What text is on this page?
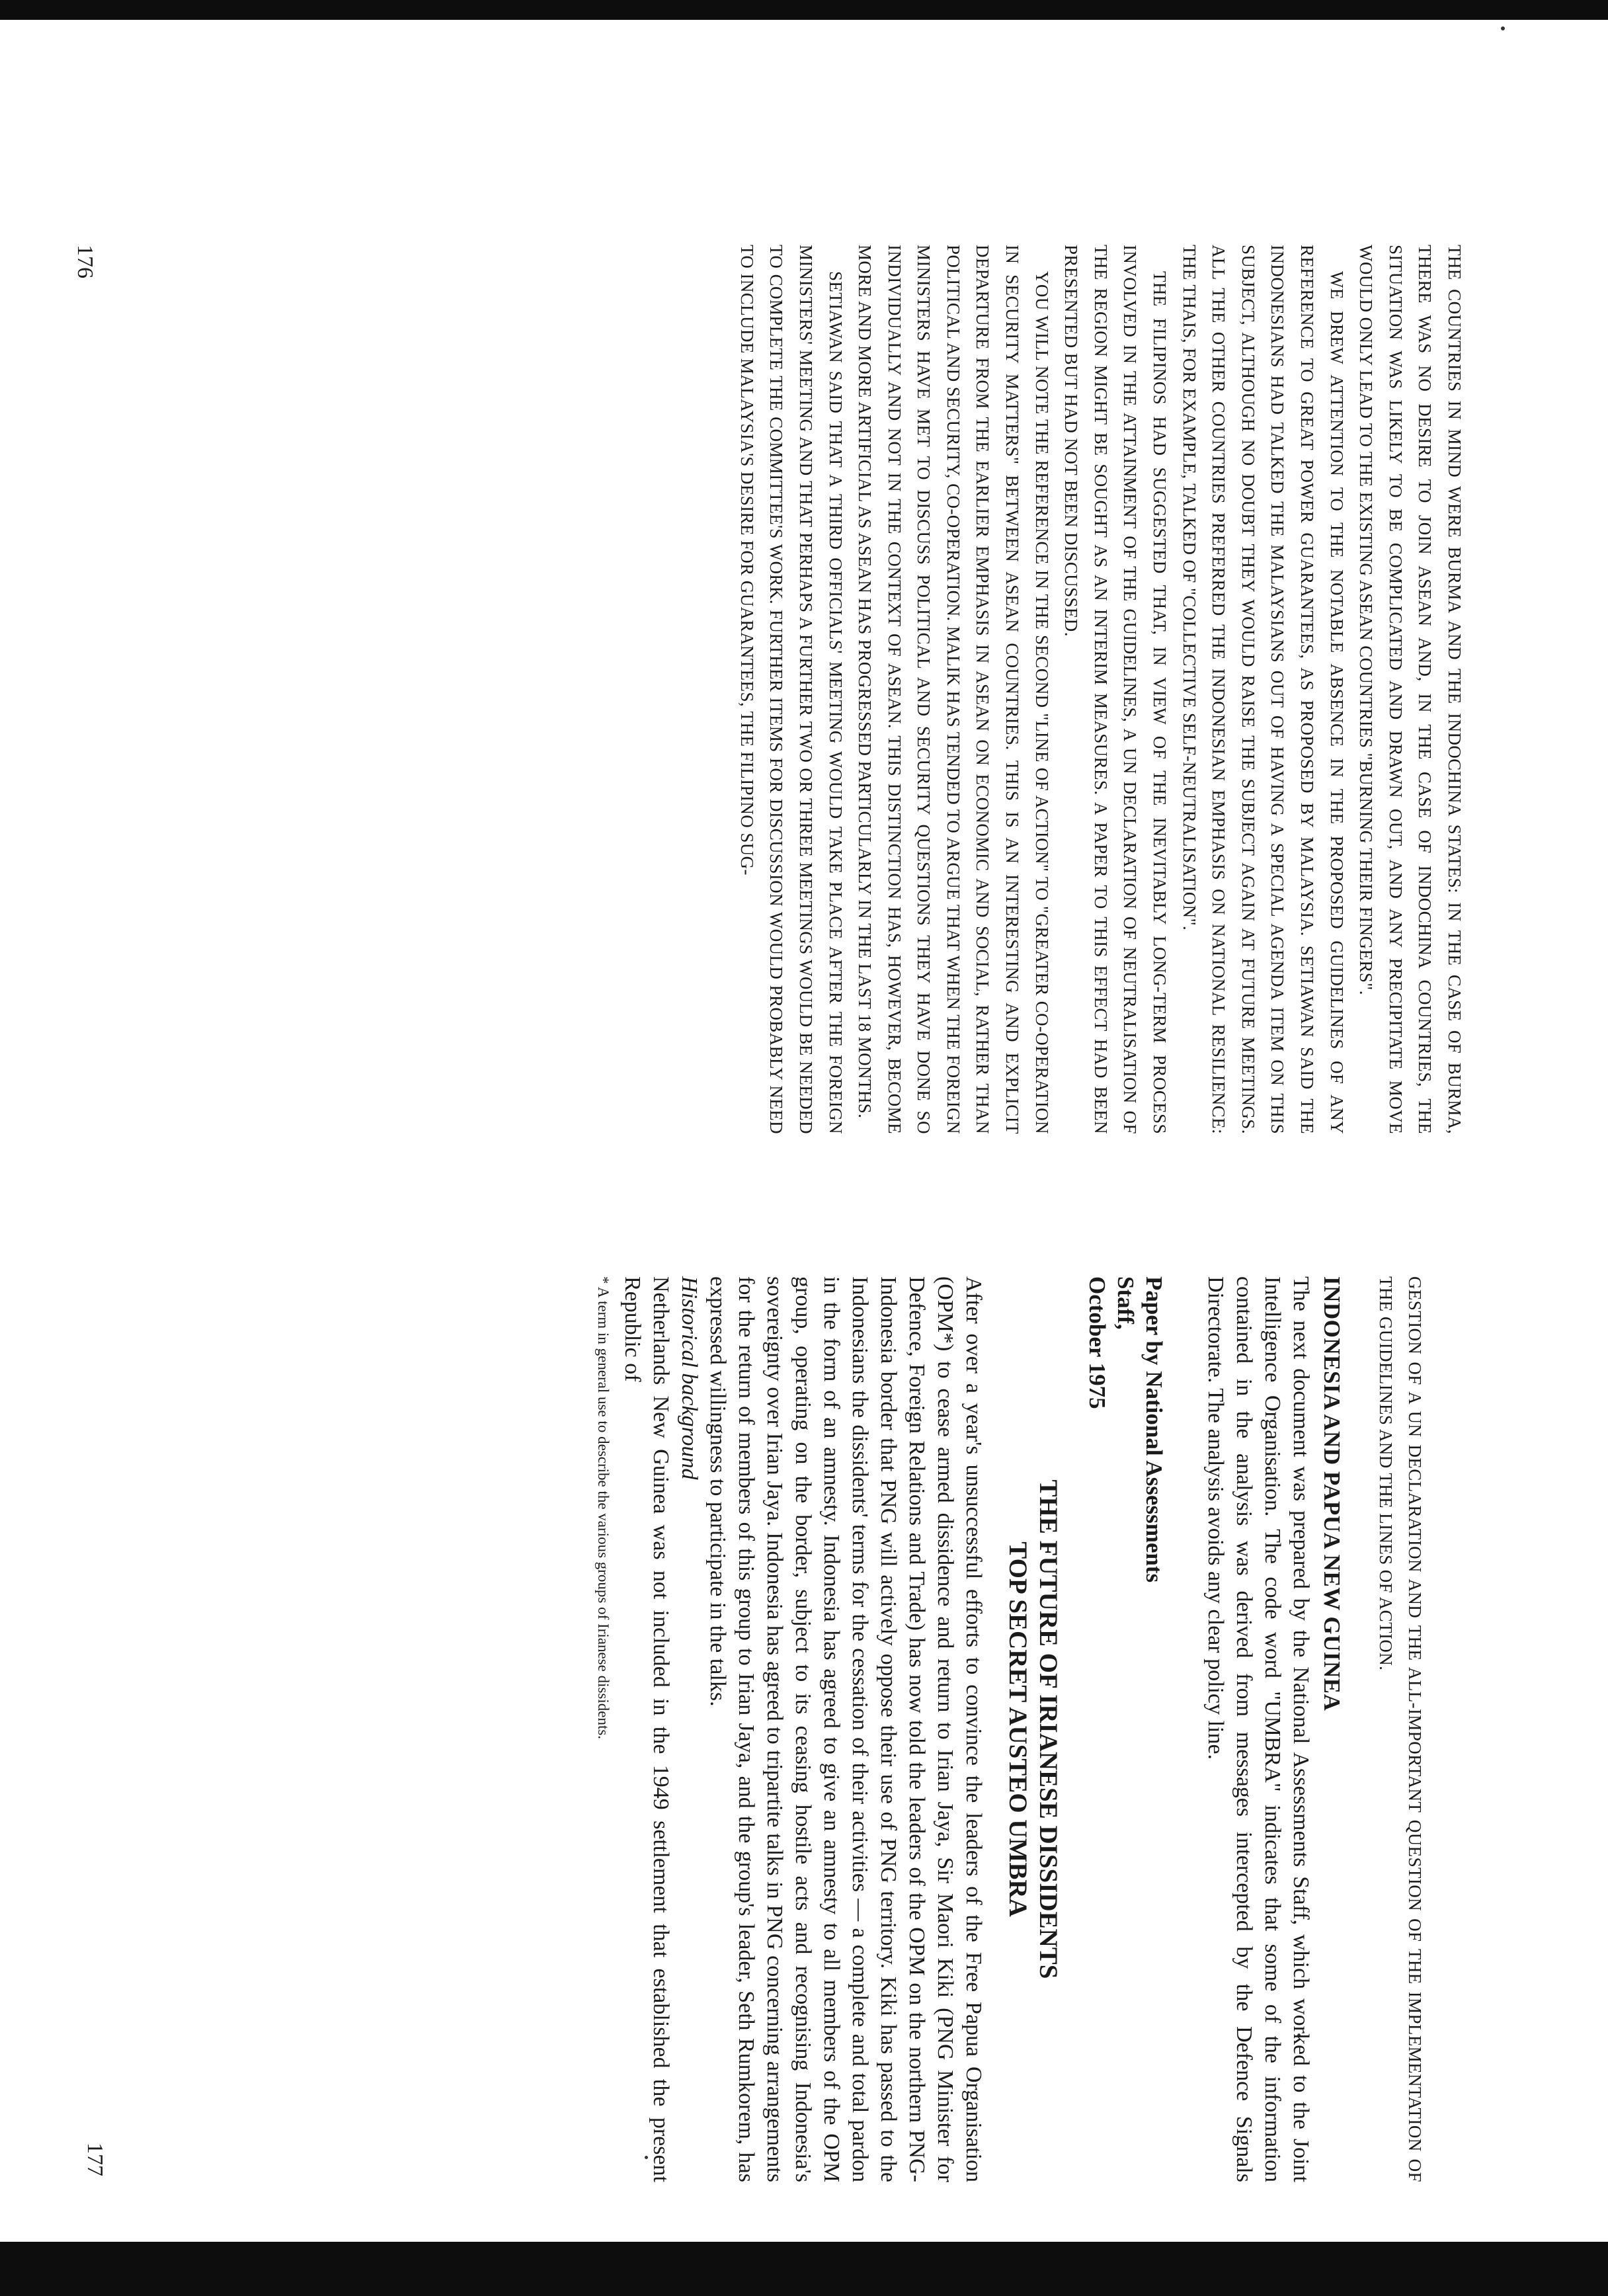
THE COUNTRIES IN MIND WERE BURMA AND THE INDOCHINA STATES: IN THE CASE OF BURMA, THERE WAS NO DESIRE TO JOIN ASEAN AND, IN THE CASE OF INDOCHINA COUNTRIES, THE SITUATION WAS LIKELY TO BE COMPLICATED AND DRAWN OUT, AND ANY PRECIPITATE MOVE WOULD ONLY LEAD TO THE EXISTING ASEAN COUNTRIES "BURNING THEIR FINGERS".

WE DREW ATTENTION TO THE NOTABLE ABSENCE IN THE PROPOSED GUIDELINES OF ANY REFERENCE TO GREAT POWER GUARANTEES, AS PROPOSED BY MALAYSIA. SETIAWAN SAID THE INDONESIANS HAD TALKED THE MALAYSIANS OUT OF HAVING A SPECIAL AGENDA ITEM ON THIS SUBJECT, ALTHOUGH NO DOUBT THEY WOULD RAISE THE SUBJECT AGAIN AT FUTURE MEETINGS. ALL THE OTHER COUNTRIES PREFERRED THE INDONESIAN EMPHASIS ON NATIONAL RESILIENCE: THE THAIS, FOR EXAMPLE, TALKED OF "COLLECTIVE SELF-NEUTRALISATION".

THE FILIPINOS HAD SUGGESTED THAT, IN VIEW OF THE INEVITABLY LONG-TERM PROCESS INVOLVED IN THE ATTAINMENT OF THE GUIDELINES, A UN DECLARATION OF NEUTRALISATION OF THE REGION MIGHT BE SOUGHT AS AN INTERIM MEASURES. A PAPER TO THIS EFFECT HAD BEEN PRESENTED BUT HAD NOT BEEN DISCUSSED.

YOU WILL NOTE THE REFERENCE IN THE SECOND "LINE OF ACTION" TO "GREATER CO-OPERATION IN SECURITY MATTERS" BETWEEN ASEAN COUNTRIES. THIS IS AN INTERESTING AND EXPLICIT DEPARTURE FROM THE EARLIER EMPHASIS IN ASEAN ON ECONOMIC AND SOCIAL, RATHER THAN POLITICAL AND SECURITY, CO-OPERATION. MALIK HAS TENDED TO ARGUE THAT WHEN THE FOREIGN MINISTERS HAVE MET TO DISCUSS POLITICAL AND SECURITY QUESTIONS THEY HAVE DONE SO INDIVIDUALLY AND NOT IN THE CONTEXT OF ASEAN. THIS DISTINCTION HAS, HOWEVER, BECOME MORE AND MORE ARTIFICIAL AS ASEAN HAS PROGRESSED PARTICULARLY IN THE LAST 18 MONTHS.

SETIAWAN SAID THAT A THIRD OFFICIALS' MEETING WOULD TAKE PLACE AFTER THE FOREIGN MINISTERS' MEETING AND THAT PERHAPS A FURTHER TWO OR THREE MEETINGS WOULD BE NEEDED TO COMPLETE THE COMMITTEE'S WORK. FURTHER ITEMS FOR DISCUSSION WOULD PROBABLY NEED TO INCLUDE MALAYSIA'S DESIRE FOR GUARANTEES, THE FILIPINO SUG-

176

GESTION OF A UN DECLARATION AND THE ALL-IMPORTANT QUESTION OF THE IMPLEMENTATION OF THE GUIDELINES AND THE LINES OF ACTION.

INDONESIA AND PAPUA NEW GUINEA

The next document was prepared by the National Assessments Staff, which worked to the Joint Intelligence Organisation. The code word "UMBRA" indicates that some of the information contained in the analysis was derived from messages intercepted by the Defence Signals Directorate. The analysis avoids any clear policy line.

Paper by National Assessments Staff,
October 1975
THE FUTURE OF IRIANESE DISSIDENTS
TOP SECRET AUSTEO UMBRA

After over a year's unsuccessful efforts to convince the leaders of the Free Papua Organisation (OPM*) to cease armed dissidence and return to Irian Jaya, Sir Maori Kiki (PNG Minister for Defence, Foreign Relations and Trade) has now told the leaders of the OPM on the northern PNG-Indonesia border that PNG will actively oppose their use of PNG territory. Kiki has passed to the Indonesians the dissidents' terms for the cessation of their activities — a complete and total pardon in the form of an amnesty. Indonesia has agreed to give an amnesty to all members of the OPM group, operating on the border, subject to its ceasing hostile acts and recognising Indonesia's sovereignty over Irian Jaya. Indonesia has agreed to tripartite talks in PNG concerning arrangements for the return of members of this group to Irian Jaya, and the group's leader, Seth Rumkorem, has expressed willingness to participate in the talks.

Historical background

Netherlands New Guinea was not included in the 1949 settlement that established the present Republic of

* A term in general use to describe the various groups of Irianese dissidents.

177
